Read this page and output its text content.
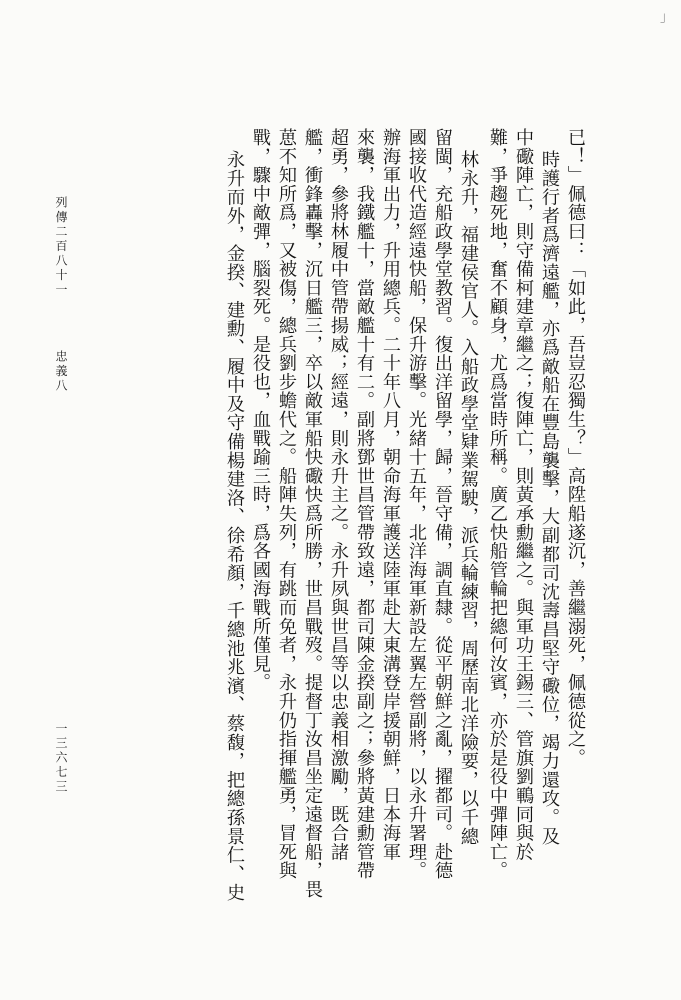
」
已！」佩德曰：「如此，吾豈忍獨生？」高陞船遂沉，善繼溺死，佩德從之。
時護行者爲濟遠艦，亦爲敵船在豐島襲擊，大副都司沈壽昌堅守礮位，竭力還攻。及
中礮陣亡，則守備柯建章繼之；復陣亡，則黃承勳繼之。與軍功王錫三、管旗劉鶤同與於
難，爭趨死地，奮不顧身，尤爲當時所稱。廣乙快船管輪把總何汝賓，亦於是役中彈陣亡。
林永升，福建侯官人。入船政學堂肄業駕駛，派兵輪練習，周歷南北洋險要，以千總
留閩，充船政學堂教習。復出洋留學，歸，晉守備，調直隸。從平朝鮮之亂，擢都司。赴德
國接收代造經遠快船，保升游擊。光緒十五年，北洋海軍新設左翼左營副將，以永升署理。
辦海軍出力，升用總兵。二十年八月，朝命海軍護送陸軍赴大東溝登岸援朝鮮，日本海軍
來襲，我鐵艦十，當敵艦十有二。副將鄧世昌管帶致遠，都司陳金揆副之；參將黃建勳管帶
超勇，參將林履中管帶揚威；經遠，則永升主之。永升夙與世昌等以忠義相激勵，既合諸
艦，衝鋒轟擊，沉日艦三，卒以敵軍船快礮快爲所勝，世昌戰歿。提督丁汝昌坐定遠督船，畏
葸不知所爲，又被傷，總兵劉步蟾代之。船陣失列，有跳而免者，永升仍指揮艦勇，冒死與
戰，驟中敵彈，腦裂死。是役也，血戰踰三時，爲各國海戰所僅見。
永升而外，金揆、建勳、履中及守備楊建洛、徐希顏，千總池兆濱、蔡馥，把總孫景仁、史
列傳二百八十一
忠義八
一三六七三
